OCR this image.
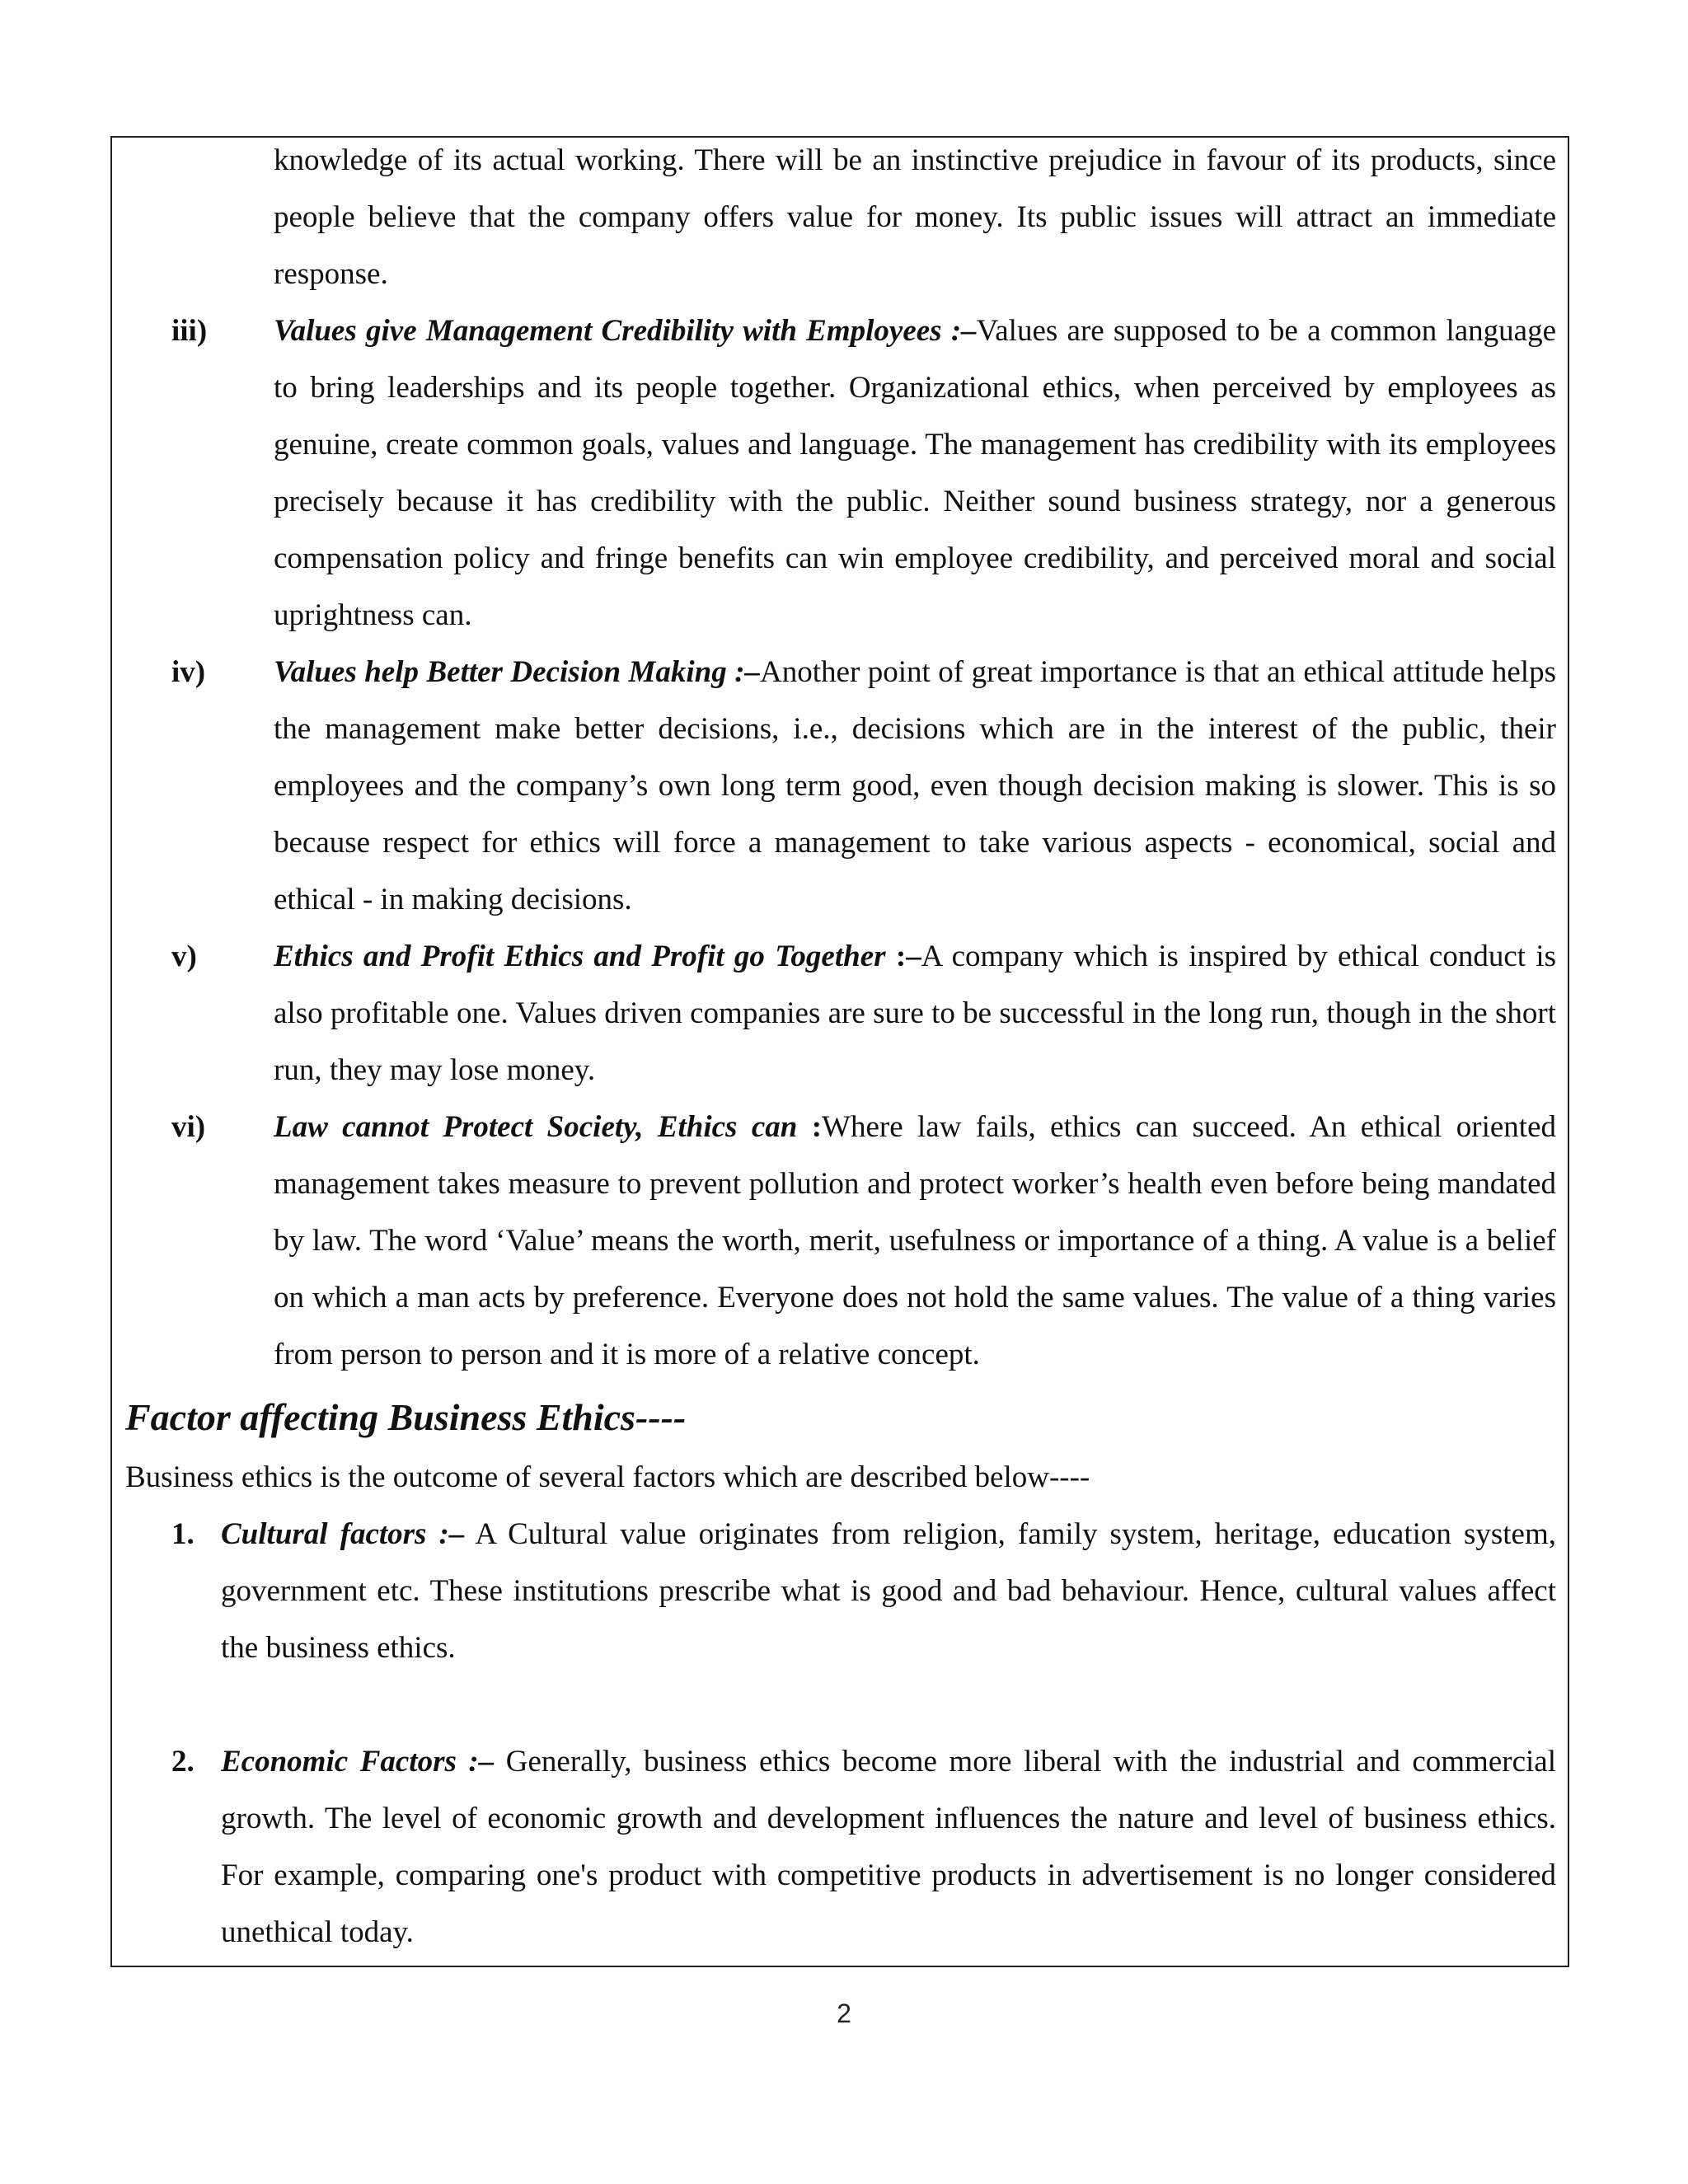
knowledge of its actual working. There will be an instinctive prejudice in favour of its products, since people believe that the company offers value for money. Its public issues will attract an immediate response.

iii)	Values give Management Credibility with Employees :–Values are supposed to be a common language to bring leaderships and its people together. Organizational ethics, when perceived by employees as genuine, create common goals, values and language. The management has credibility with its employees precisely because it has credibility with the public. Neither sound business strategy, nor a generous compensation policy and fringe benefits can win employee credibility, and perceived moral and social uprightness can.

iv)	Values help Better Decision Making :–Another point of great importance is that an ethical attitude helps the management make better decisions, i.e., decisions which are in the interest of the public, their employees and the company’s own long term good, even though decision making is slower. This is so because respect for ethics will force a management to take various aspects - economical, social and ethical - in making decisions.

v)	Ethics and Profit Ethics and Profit go Together :–A company which is inspired by ethical conduct is also profitable one. Values driven companies are sure to be successful in the long run, though in the short run, they may lose money.

vi)	Law cannot Protect Society, Ethics can :Where law fails, ethics can succeed. An ethical oriented management takes measure to prevent pollution and protect worker’s health even before being mandated by law. The word ‘Value’ means the worth, merit, usefulness or importance of a thing. A value is a belief on which a man acts by preference. Everyone does not hold the same values. The value of a thing varies from person to person and it is more of a relative concept.

Factor affecting Business Ethics----

Business ethics is the outcome of several factors which are described below----

1. Cultural factors :– A Cultural value originates from religion, family system, heritage, education system, government etc. These institutions prescribe what is good and bad behaviour. Hence, cultural values affect the business ethics.

2. Economic Factors :– Generally, business ethics become more liberal with the industrial and commercial growth. The level of economic growth and development influences the nature and level of business ethics. For example, comparing one's product with competitive products in advertisement is no longer considered unethical today.

2
